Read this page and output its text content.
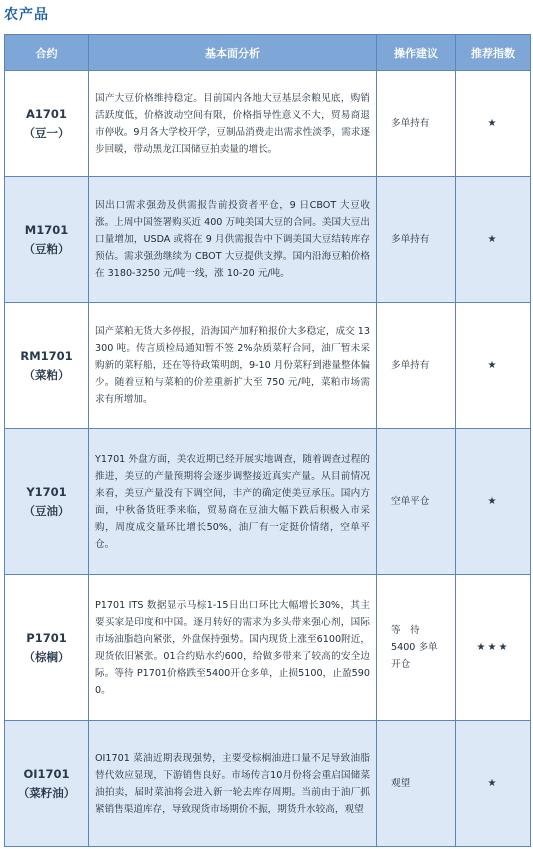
农产品
合约	基本面分析	操作建议	推荐指数

A1701
（豆一）	国产大豆价格维持稳定。目前国内各地大豆基层余粮见底，购销活跃度低，价格波动空间有限，价格指导性意义不大，贸易商退市停收。9月各大学校开学，豆制品消费走出需求性淡季，需求逐步回暖，带动黑龙江国储豆拍卖量的增长。	多单持有	★

M1701
（豆粕）	因出口需求强劲及供需报告前投资者平仓，9 日CBOT 大豆收涨。上周中国签署购买近 400 万吨美国大豆的合同。美国大豆出口量增加，USDA 或将在 9 月供需报告中下调美国大豆结转库存预估。需求强劲继续为 CBOT 大豆提供支撑。国内沿海豆粕价格在 3180-3250 元/吨一线，涨 10-20 元/吨。	多单持有	★

RM1701
（菜粕）	国产菜粕无货大多停报，沿海国产加籽粕报价大多稳定，成交 13300 吨。传言质检局通知暂不签 2%杂质菜籽合同，油厂暂未采购新的菜籽船，还在等待政策明朗，9-10 月份菜籽到港量整体偏少。随着豆粕与菜粕的价差重新扩大至 750 元/吨，菜粕市场需求有所增加。	多单持有	★

Y1701
（豆油）	Y1701 外盘方面，美农近期已经开展实地调查，随着调查过程的推进，美豆的产量预期将会逐步调整接近真实产量。从目前情况来看，美豆产量没有下调空间，丰产的确定使美豆承压。国内方面，中秋备货旺季来临，贸易商在豆油大幅下跌后积极入市采购，周度成交量环比增长50%，油厂有一定挺价情绪，空单平仓。	空单平仓	★

P1701
（棕榈）	P1701 ITS 数据显示马棕1-15日出口环比大幅增长30%，其主要买家是印度和中国。逐月转好的需求为多头带来强心剂，国际市场油脂趋向紧张，外盘保持强势。国内现货上涨至6100附近，现货依旧紧张。01合约贴水约600，给做多带来了较高的安全边际。等待 P1701价格跌至5400开仓多单，止损5100，止盈5900。	等　待 5400 多单开仓	★★★

OI1701
（菜籽油）	OI1701 菜油近期表现强势，主要受棕榈油进口量不足导致油脂替代效应显现，下游销售良好。市场传言10月份将会重启国储菜油拍卖，届时菜油将会进入新一轮去库存周期。当前由于油厂抓紧销售渠道库存，导致现货市场期价不振，期货升水较高，观望	观望	★
